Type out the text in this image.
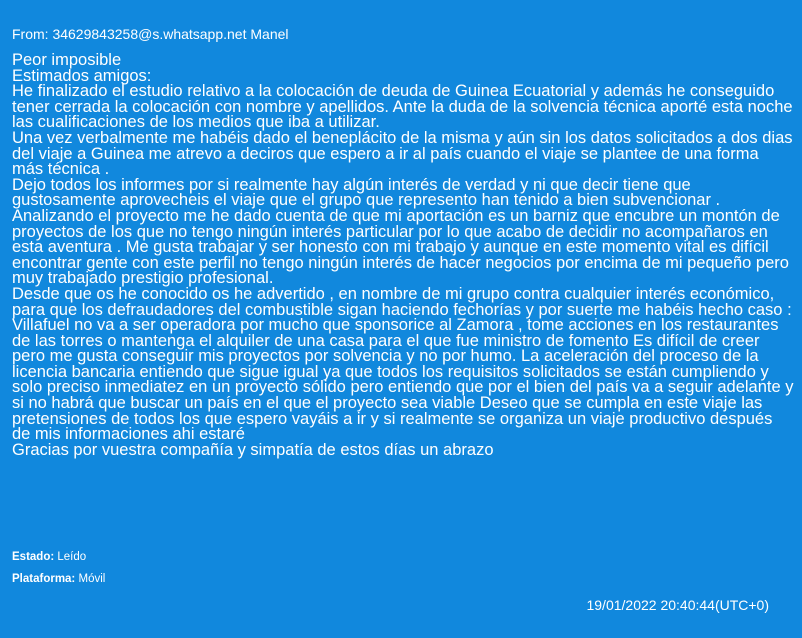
From: 34629843258@s.whatsapp.net Manel

Peor imposible

Estimados amigos:

He finalizado el estudio relativo a la colocación de deuda de Guinea Ecuatorial y además he conseguido tener cerrada la colocación con nombre y apellidos. Ante la duda de la solvencia técnica aporté esta noche las cualificaciones de los medios que iba a utilizar.

Una vez verbalmente me habéis dado el beneplácito de la misma y aún sin los datos solicitados a dos dias del viaje a Guinea me atrevo a deciros que espero a ir al país cuando el viaje se plantee de una forma más técnica .

Dejo todos los informes por si realmente hay algún interés de verdad y ni que decir tiene que gustosamente aprovecheis el viaje que el grupo que represento han tenido a bien subvencionar .

Analizando el proyecto me he dado cuenta de que mi aportación es un barniz que encubre un montón de proyectos de los que no tengo ningún interés particular por lo que acabo de decidir no acompañaros en esta aventura . Me gusta trabajar y ser honesto con mi trabajo y aunque en este momento vital es difícil encontrar gente con este perfil no tengo ningún interés de hacer negocios por encima de mi pequeño pero muy trabajado prestigio profesional.

Desde que os he conocido os he advertido , en nombre de mi grupo contra cualquier interés económico, para que los defraudadores del combustible sigan haciendo fechorías y por suerte me habéis hecho caso : Villafuel no va a ser operadora por mucho que sponsorice al Zamora , tome acciones en los restaurantes de las torres o mantenga el alquiler de una casa para el que fue ministro de fomento Es difícil de creer pero me gusta conseguir mis proyectos por solvencia y no por humo. La aceleración del proceso de la licencia bancaria entiendo que sigue igual ya que todos los requisitos solicitados se están cumpliendo y solo preciso inmediatez en un proyecto sólido pero entiendo que por el bien del país va a seguir adelante y si no habrá que buscar un país en el que el proyecto sea viable Deseo que se cumpla en este viaje las pretensiones de todos los que espero vayáis a ir y si realmente se organiza un viaje productivo después de mis informaciones ahi estaré

Gracias por vuestra compañía y simpatía de estos días un abrazo

Estado: Leído
Plataforma: Móvil
19/01/2022 20:40:44(UTC+0)
